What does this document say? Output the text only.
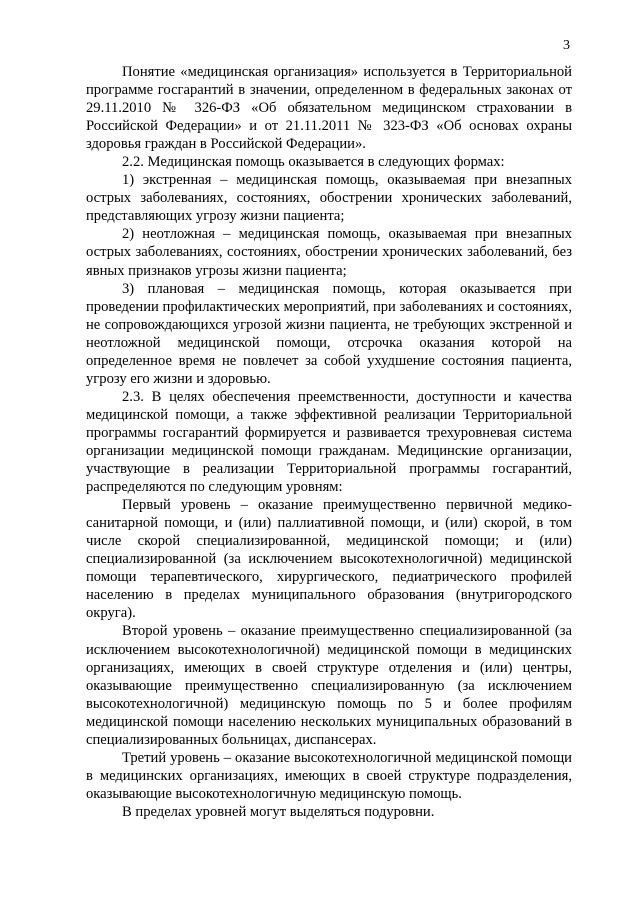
3

Понятие «медицинская организация» используется в Территориальной программе госгарантий в значении, определенном в федеральных законах от 29.11.2010 № 326-ФЗ «Об обязательном медицинском страховании в Российской Федерации» и от 21.11.2011 № 323-ФЗ «Об основах охраны здоровья граждан в Российской Федерации».

2.2. Медицинская помощь оказывается в следующих формах:

1) экстренная – медицинская помощь, оказываемая при внезапных острых заболеваниях, состояниях, обострении хронических заболеваний, представляющих угрозу жизни пациента;

2) неотложная – медицинская помощь, оказываемая при внезапных острых заболеваниях, состояниях, обострении хронических заболеваний, без явных признаков угрозы жизни пациента;

3) плановая – медицинская помощь, которая оказывается при проведении профилактических мероприятий, при заболеваниях и состояниях, не сопровождающихся угрозой жизни пациента, не требующих экстренной и неотложной медицинской помощи, отсрочка оказания которой на определенное время не повлечет за собой ухудшение состояния пациента, угрозу его жизни и здоровью.

2.3. В целях обеспечения преемственности, доступности и качества медицинской помощи, а также эффективной реализации Территориальной программы госгарантий формируется и развивается трехуровневая система организации медицинской помощи гражданам. Медицинские организации, участвующие в реализации Территориальной программы госгарантий, распределяются по следующим уровням:

Первый уровень – оказание преимущественно первичной медико-санитарной помощи, и (или) паллиативной помощи, и (или) скорой, в том числе скорой специализированной, медицинской помощи; и (или) специализированной (за исключением высокотехнологичной) медицинской помощи терапевтического, хирургического, педиатрического профилей населению в пределах муниципального образования (внутригородского округа).

Второй уровень – оказание преимущественно специализированной (за исключением высокотехнологичной) медицинской помощи в медицинских организациях, имеющих в своей структуре отделения и (или) центры, оказывающие преимущественно специализированную (за исключением высокотехнологичной) медицинскую помощь по 5 и более профилям медицинской помощи населению нескольких муниципальных образований в специализированных больницах, диспансерах.

Третий уровень – оказание высокотехнологичной медицинской помощи в медицинских организациях, имеющих в своей структуре подразделения, оказывающие высокотехнологичную медицинскую помощь.

В пределах уровней могут выделяться подуровни.
